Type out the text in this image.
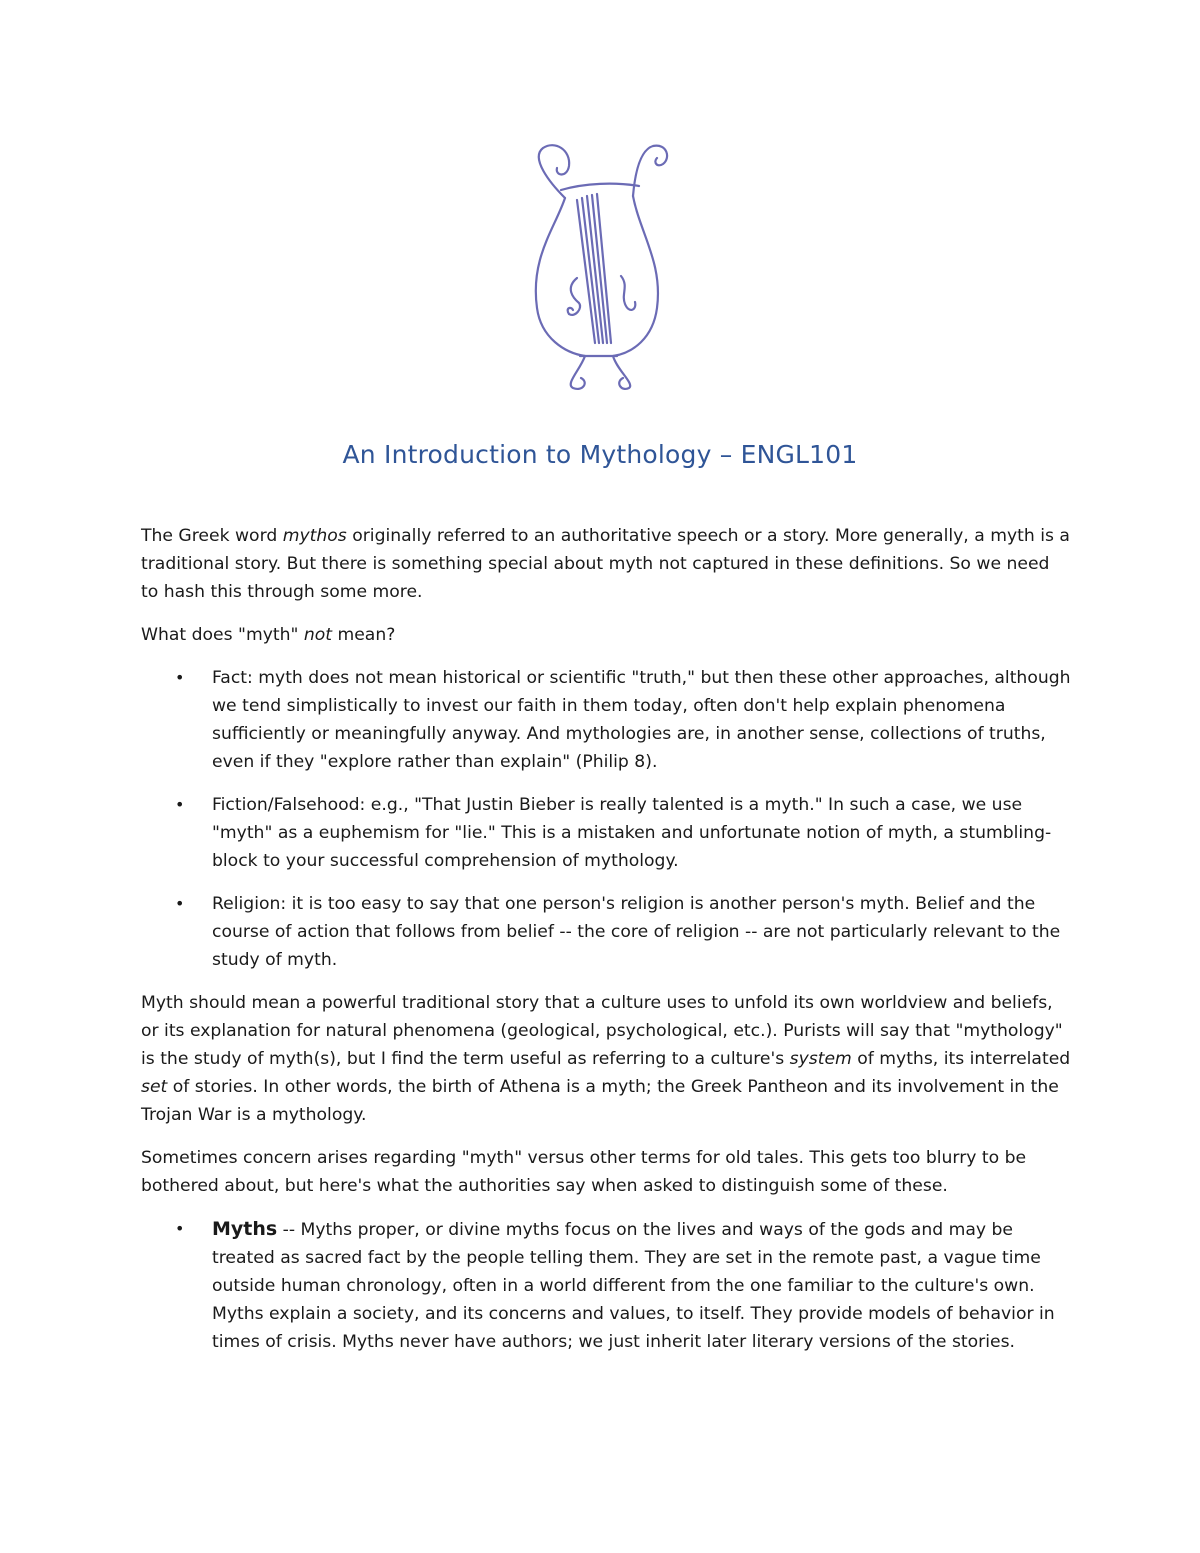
An Introduction to Mythology – ENGL101

The Greek word mythos originally referred to an authoritative speech or a story. More generally, a myth is a traditional story. But there is something special about myth not captured in these definitions. So we need to hash this through some more.

What does "myth" not mean?

• Fact: myth does not mean historical or scientific "truth," but then these other approaches, although we tend simplistically to invest our faith in them today, often don't help explain phenomena sufficiently or meaningfully anyway. And mythologies are, in another sense, collections of truths, even if they "explore rather than explain" (Philip 8).
• Fiction/Falsehood: e.g., "That Justin Bieber is really talented is a myth." In such a case, we use "myth" as a euphemism for "lie." This is a mistaken and unfortunate notion of myth, a stumbling-block to your successful comprehension of mythology.
• Religion: it is too easy to say that one person's religion is another person's myth. Belief and the course of action that follows from belief -- the core of religion -- are not particularly relevant to the study of myth.

Myth should mean a powerful traditional story that a culture uses to unfold its own worldview and beliefs, or its explanation for natural phenomena (geological, psychological, etc.). Purists will say that "mythology" is the study of myth(s), but I find the term useful as referring to a culture's system of myths, its interrelated set of stories. In other words, the birth of Athena is a myth; the Greek Pantheon and its involvement in the Trojan War is a mythology.

Sometimes concern arises regarding "myth" versus other terms for old tales. This gets too blurry to be bothered about, but here's what the authorities say when asked to distinguish some of these.

• Myths -- Myths proper, or divine myths focus on the lives and ways of the gods and may be treated as sacred fact by the people telling them. They are set in the remote past, a vague time outside human chronology, often in a world different from the one familiar to the culture's own. Myths explain a society, and its concerns and values, to itself. They provide models of behavior in times of crisis. Myths never have authors; we just inherit later literary versions of the stories.
